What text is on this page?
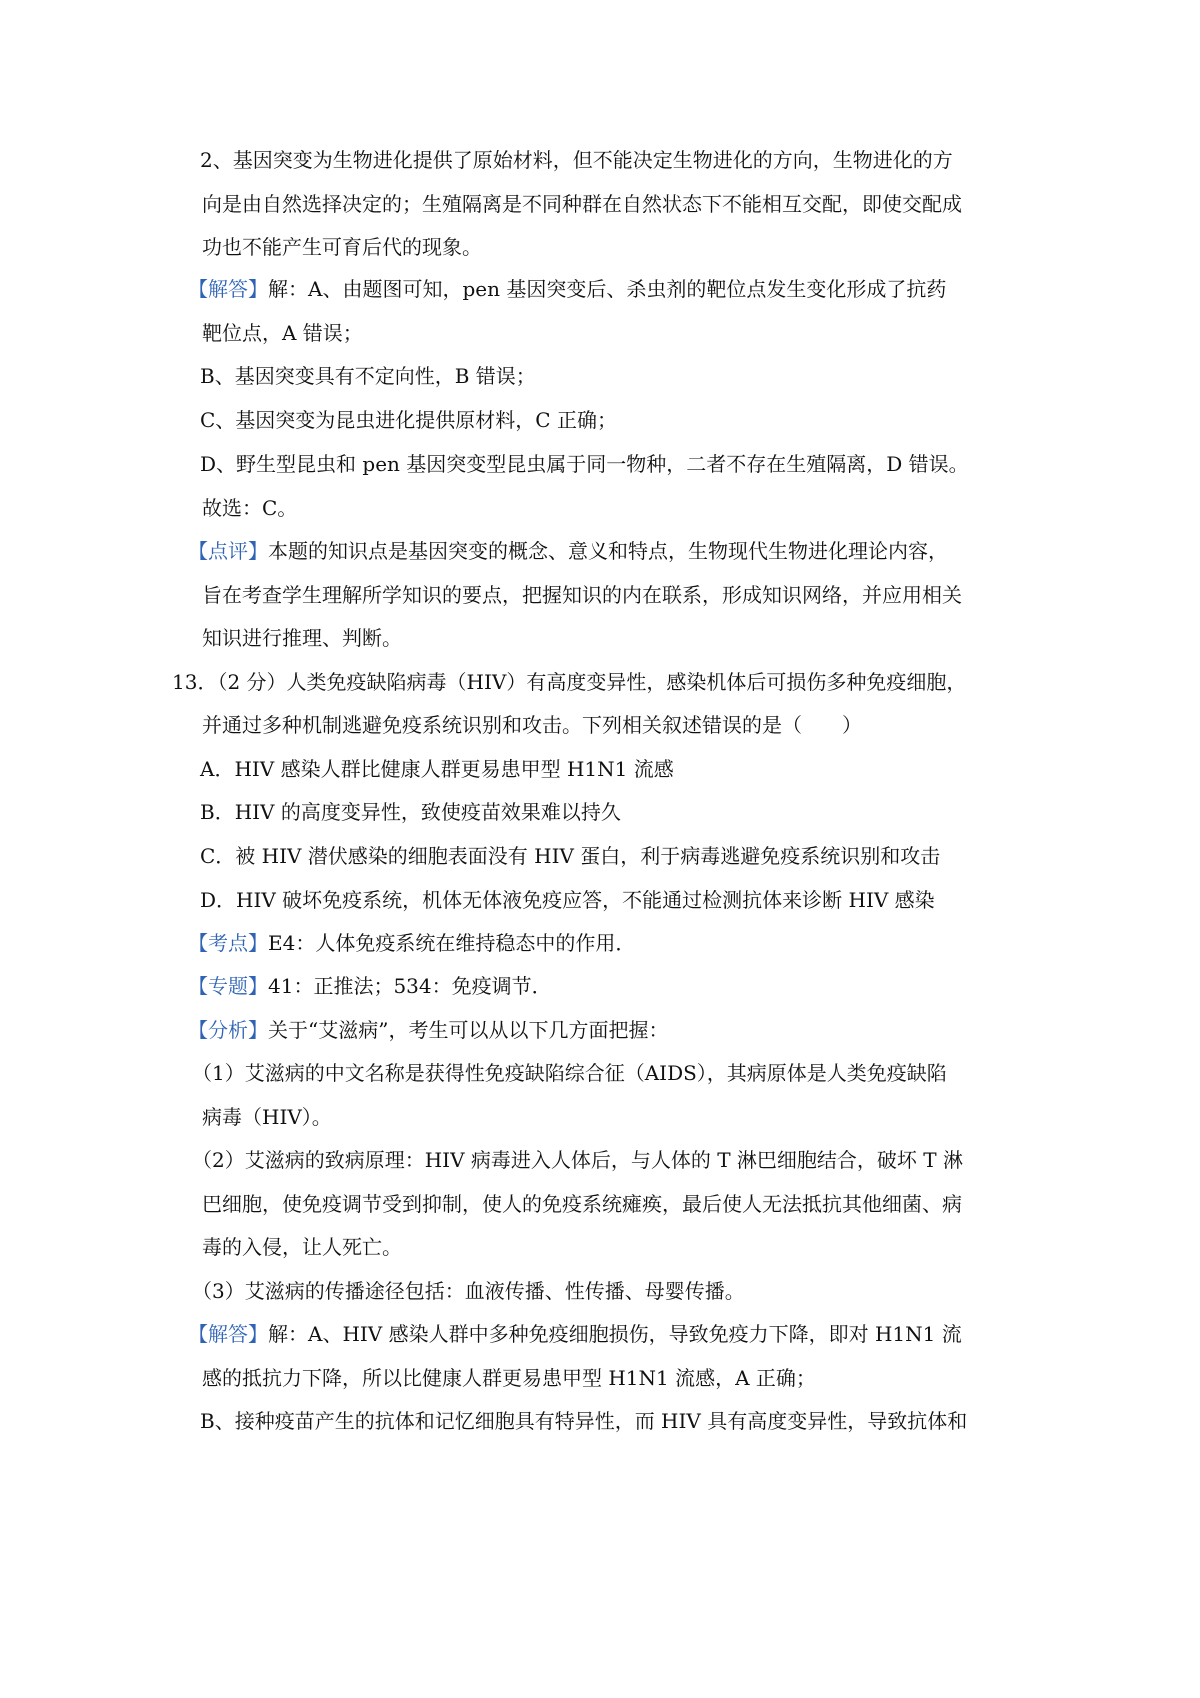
2、基因突变为生物进化提供了原始材料，但不能决定生物进化的方向，生物进化的方
向是由自然选择决定的；生殖隔离是不同种群在自然状态下不能相互交配，即使交配成
功也不能产生可育后代的现象。
【解答】解：A、由题图可知，pen 基因突变后、杀虫剂的靶位点发生变化形成了抗药
靶位点，A 错误；
B、基因突变具有不定向性，B 错误；
C、基因突变为昆虫进化提供原材料，C 正确；
D、野生型昆虫和 pen 基因突变型昆虫属于同一物种，二者不存在生殖隔离，D 错误。
故选：C。
【点评】本题的知识点是基因突变的概念、意义和特点，生物现代生物进化理论内容，
旨在考查学生理解所学知识的要点，把握知识的内在联系，形成知识网络，并应用相关
知识进行推理、判断。
13．（2 分）人类免疫缺陷病毒（HIV）有高度变异性，感染机体后可损伤多种免疫细胞，
并通过多种机制逃避免疫系统识别和攻击。下列相关叙述错误的是（　　）
A．HIV 感染人群比健康人群更易患甲型 H1N1 流感
B．HIV 的高度变异性，致使疫苗效果难以持久
C．被 HIV 潜伏感染的细胞表面没有 HIV 蛋白，利于病毒逃避免疫系统识别和攻击
D．HIV 破坏免疫系统，机体无体液免疫应答，不能通过检测抗体来诊断 HIV 感染
【考点】E4：人体免疫系统在维持稳态中的作用．
【专题】41：正推法；534：免疫调节．
【分析】关于“艾滋病”，考生可以从以下几方面把握：
（1）艾滋病的中文名称是获得性免疫缺陷综合征（AIDS），其病原体是人类免疫缺陷
病毒（HIV）。
（2）艾滋病的致病原理：HIV 病毒进入人体后，与人体的 T 淋巴细胞结合，破坏 T 淋
巴细胞，使免疫调节受到抑制，使人的免疫系统瘫痪，最后使人无法抵抗其他细菌、病
毒的入侵，让人死亡。
（3）艾滋病的传播途径包括：血液传播、性传播、母婴传播。
【解答】解：A、HIV 感染人群中多种免疫细胞损伤，导致免疫力下降，即对 H1N1 流
感的抵抗力下降，所以比健康人群更易患甲型 H1N1 流感，A 正确；
B、接种疫苗产生的抗体和记忆细胞具有特异性，而 HIV 具有高度变异性，导致抗体和
